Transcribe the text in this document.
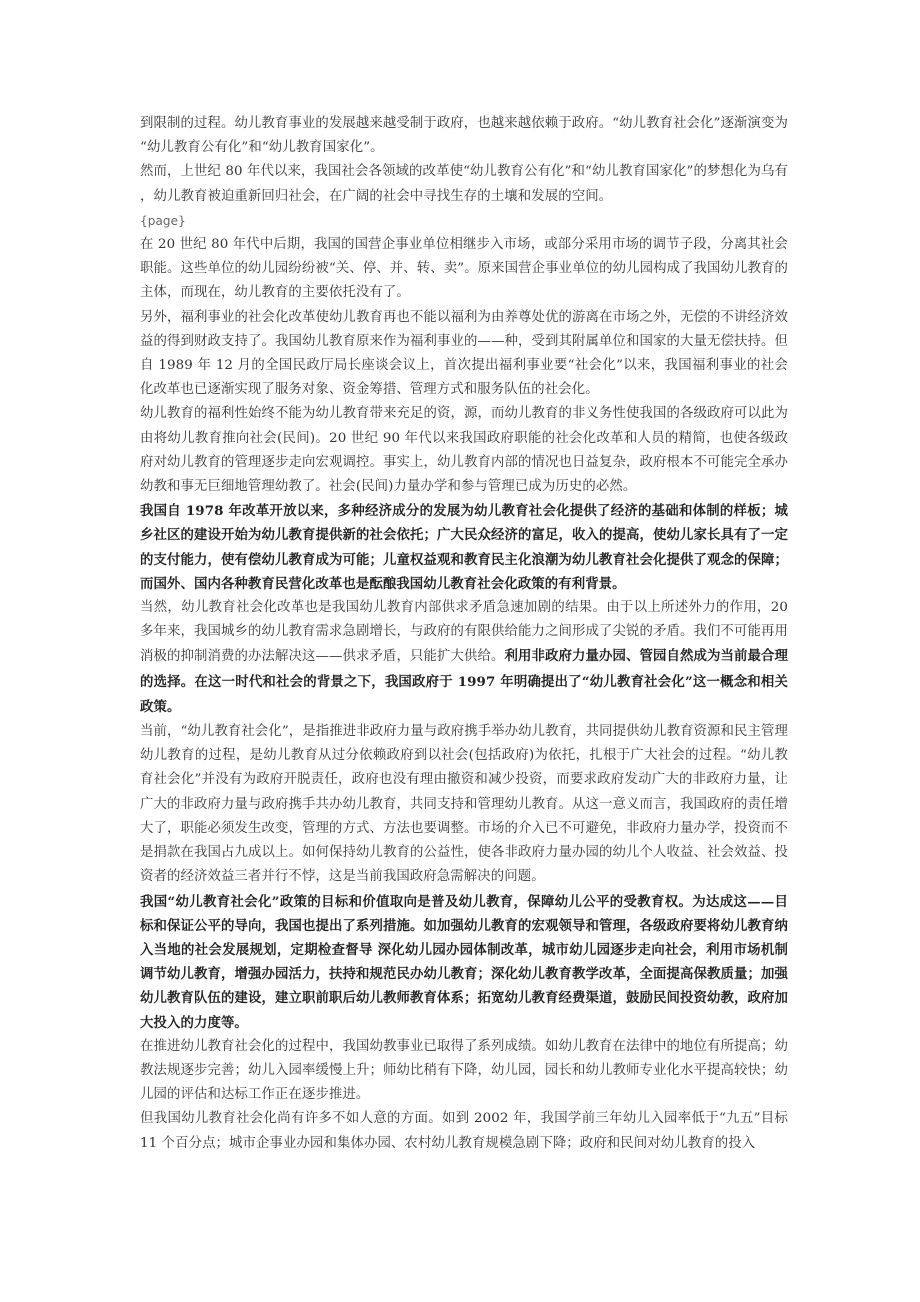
到限制的过程。幼儿教育事业的发展越来越受制于政府，也越来越依赖于政府。“幼儿教育社会化”逐渐演变为“幼儿教育公有化”和“幼儿教育国家化”。

然而，上世纪 80 年代以来，我国社会各领域的改革使“幼儿教育公有化”和“幼儿教育国家化”的梦想化为乌有，幼儿教育被迫重新回归社会，在广阔的社会中寻找生存的土壤和发展的空间。

{page}

在 20 世纪 80 年代中后期，我国的国营企事业单位相继步入市场，或部分采用市场的调节子段，分离其社会职能。这些单位的幼儿园纷纷被“关、停、并、转、卖”。原来国营企事业单位的幼儿园构成了我国幼儿教育的主体，而现在，幼儿教育的主要依托没有了。

另外，福利事业的社会化改革使幼儿教育再也不能以福利为由养尊处优的游离在市场之外，无偿的不讲经济效益的得到财政支持了。我国幼儿教育原来作为福利事业的——种，受到其附属单位和国家的大量无偿扶持。但自 1989 年 12 月的全国民政厅局长座谈会议上，首次提出福利事业要“社会化”以来，我国福利事业的社会化改革也已逐渐实现了服务对象、资金筹措、管理方式和服务队伍的社会化。

幼儿教育的福利性始终不能为幼儿教育带来充足的资，源，而幼儿教育的非义务性使我国的各级政府可以此为由将幼儿教育推向社会(民间)。20 世纪 90 年代以来我国政府职能的社会化改革和人员的精简，也使各级政府对幼儿教育的管理逐步走向宏观调控。事实上，幼儿教育内部的情况也日益复杂，政府根本不可能完全承办幼教和事无巨细地管理幼教了。社会(民间)力量办学和参与管理已成为历史的必然。

我国自 1978 年改革开放以来，多种经济成分的发展为幼儿教育社会化提供了经济的基础和体制的样板；城乡社区的建设开始为幼儿教育提供新的社会依托；广大民众经济的富足，收入的提高，使幼儿家长具有了一定的支付能力，使有偿幼儿教育成为可能；儿童权益观和教育民主化浪潮为幼儿教育社会化提供了观念的保障；而国外、国内各种教育民营化改革也是酝酿我国幼儿教育社会化政策的有利背景。

当然，幼儿教育社会化改革也是我国幼儿教育内部供求矛盾急速加剧的结果。由于以上所述外力的作用，20 多年来，我国城乡的幼儿教育需求急剧增长，与政府的有限供给能力之间形成了尖锐的矛盾。我们不可能再用消极的抑制消费的办法解决这——供求矛盾，只能扩大供给。利用非政府力量办园、管园自然成为当前最合理的选择。在这一时代和社会的背景之下，我国政府于 1997 年明确提出了“幼儿教育社会化”这一概念和相关政策。

当前，“幼儿教育社会化”，是指推进非政府力量与政府携手举办幼儿教育，共同提供幼儿教育资源和民主管理幼儿教育的过程，是幼儿教育从过分依赖政府到以社会(包括政府)为依托，扎根于广大社会的过程。“幼儿教育社会化”并没有为政府开脱责任，政府也没有理由撤资和减少投资，而要求政府发动广大的非政府力量，让广大的非政府力量与政府携手共办幼儿教育，共同支持和管理幼儿教育。从这一意义而言，我国政府的责任增大了，职能必须发生改变，管理的方式、方法也要调整。市场的介入已不可避免，非政府力量办学，投资而不是捐款在我国占九成以上。如何保持幼儿教育的公益性，使各非政府力量办园的幼儿个人收益、社会效益、投资者的经济效益三者并行不悖，这是当前我国政府急需解决的问题。

我国“幼儿教育社会化”政策的目标和价值取向是普及幼儿教育，保障幼儿公平的受教育权。为达成这——目标和保证公平的导向，我国也提出了系列措施。如加强幼儿教育的宏观领导和管理，各级政府要将幼儿教育纳入当地的社会发展规划，定期检查督导 深化幼儿园办园体制改革，城市幼儿园逐步走向社会，利用市场机制调节幼儿教育，增强办园活力，扶持和规范民办幼儿教育；深化幼儿教育教学改革，全面提高保教质量；加强幼儿教育队伍的建设，建立职前职后幼儿教师教育体系；拓宽幼儿教育经费渠道，鼓励民间投资幼教，政府加大投入的力度等。

在推进幼儿教育社会化的过程中，我国幼教事业已取得了系列成绩。如幼儿教育在法律中的地位有所提高；幼教法规逐步完善；幼儿入园率缓慢上升；师幼比稍有下降，幼儿园，园长和幼儿教师专业化水平提高较快；幼儿园的评估和达标工作正在逐步推进。

但我国幼儿教育社会化尚有许多不如人意的方面。如到 2002 年，我国学前三年幼儿入园率低于“九五”目标 11 个百分点；城市企事业办园和集体办园、农村幼儿教育规模急剧下降；政府和民间对幼儿教育的投入
